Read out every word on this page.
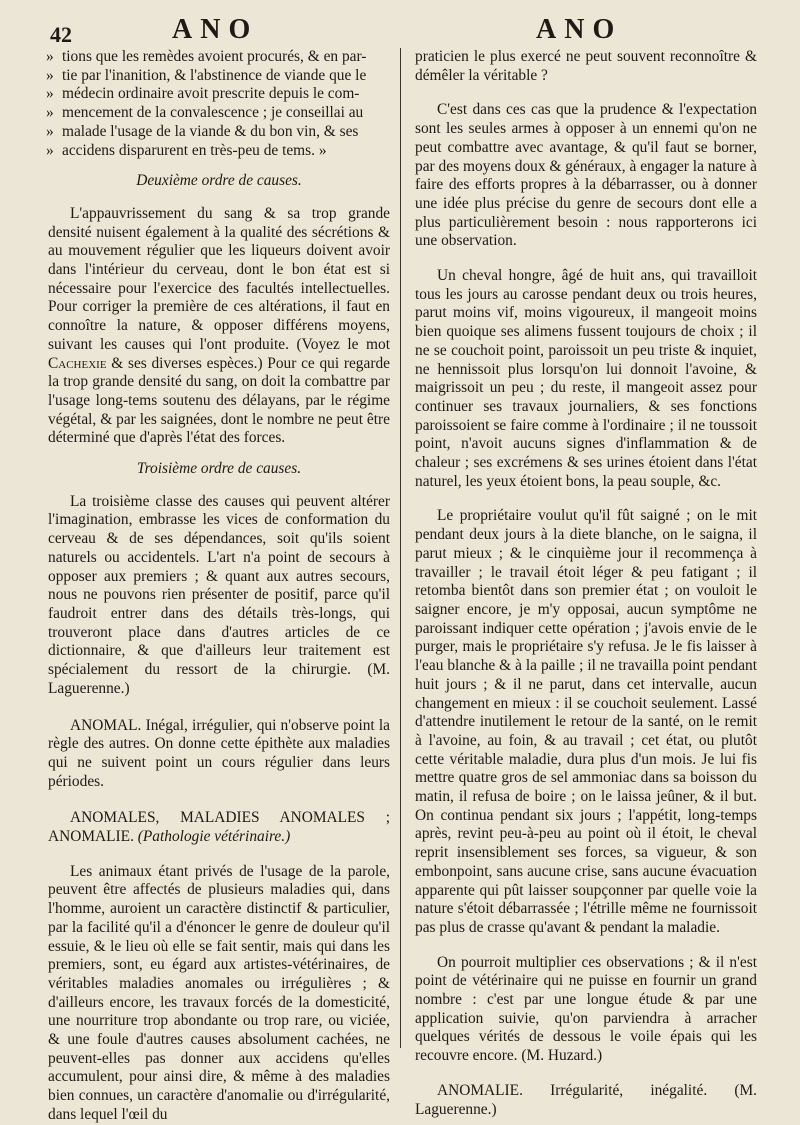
42	ANO	ANO

» tions que les remèdes avoient procurés, & en par-

» tie par l'inanition, & l'abstinence de viande que le

» médecin ordinaire avoit prescrite depuis le com-

» mencement de la convalescence ; je conseillai au

» malade l'usage de la viande & du bon vin, & ses

» accidens disparurent en très-peu de tems. »

Deuxième ordre de causes.

L'appauvrissement du sang & sa trop grande densité nuisent également à la qualité des sécrétions & au mouvement régulier que les liqueurs doivent avoir dans l'intérieur du cerveau, dont le bon état est si nécessaire pour l'exercice des facultés intellectuelles. Pour corriger la première de ces altérations, il faut en connoître la nature, & opposer différens moyens, suivant les causes qui l'ont produite. (Voyez le mot Cachexie & ses diverses espèces.) Pour ce qui regarde la trop grande densité du sang, on doit la combattre par l'usage long-tems soutenu des délayans, par le régime végétal, & par les saignées, dont le nombre ne peut être déterminé que d'après l'état des forces.

Troisième ordre de causes.

La troisième classe des causes qui peuvent altérer l'imagination, embrasse les vices de conformation du cerveau & de ses dépendances, soit qu'ils soient naturels ou accidentels. L'art n'a point de secours à opposer aux premiers ; & quant aux autres secours, nous ne pouvons rien présenter de positif, parce qu'il faudroit entrer dans des détails très-longs, qui trouveront place dans d'autres articles de ce dictionnaire, & que d'ailleurs leur traitement est spécialement du ressort de la chirurgie. (M. Laguerenne.)

ANOMAL. Inégal, irrégulier, qui n'observe point la règle des autres. On donne cette épithète aux maladies qui ne suivent point un cours régulier dans leurs périodes.

ANOMALES, MALADIES ANOMALES ; ANOMALIE. (Pathologie vétérinaire.)

Les animaux étant privés de l'usage de la parole, peuvent être affectés de plusieurs maladies qui, dans l'homme, auroient un caractère distinctif & particulier, par la facilité qu'il a d'énoncer le genre de douleur qu'il essuie, & le lieu où elle se fait sentir, mais qui dans les premiers, sont, eu égard aux artistes-vétérinaires, de véritables maladies anomales ou irrégulières ; & d'ailleurs encore, les travaux forcés de la domesticité, une nourriture trop abondante ou trop rare, ou viciée, & une foule d'autres causes absolument cachées, ne peuvent-elles pas donner aux accidens qu'elles accumulent, pour ainsi dire, & même à des maladies bien connues, un caractère d'anomalie ou d'irrégularité, dans lequel l'œil du

praticien le plus exercé ne peut souvent reconnoître & démêler la véritable ?

C'est dans ces cas que la prudence & l'expectation sont les seules armes à opposer à un ennemi qu'on ne peut combattre avec avantage, & qu'il faut se borner, par des moyens doux & généraux, à engager la nature à faire des efforts propres à la débarrasser, ou à donner une idée plus précise du genre de secours dont elle a plus particulièrement besoin : nous rapporterons ici une observation.

Un cheval hongre, âgé de huit ans, qui travailloit tous les jours au carosse pendant deux ou trois heures, parut moins vif, moins vigoureux, il mangeoit moins bien quoique ses alimens fussent toujours de choix ; il ne se couchoit point, paroissoit un peu triste & inquiet, ne hennissoit plus lorsqu'on lui donnoit l'avoine, & maigrissoit un peu ; du reste, il mangeoit assez pour continuer ses travaux journaliers, & ses fonctions paroissoient se faire comme à l'ordinaire ; il ne toussoit point, n'avoit aucuns signes d'inflammation & de chaleur ; ses excrémens & ses urines étoient dans l'état naturel, les yeux étoient bons, la peau souple, &c.

Le propriétaire voulut qu'il fût saigné ; on le mit pendant deux jours à la diete blanche, on le saigna, il parut mieux ; & le cinquième jour il recommença à travailler ; le travail étoit léger & peu fatigant ; il retomba bientôt dans son premier état ; on vouloit le saigner encore, je m'y opposai, aucun symptôme ne paroissant indiquer cette opération ; j'avois envie de le purger, mais le propriétaire s'y refusa. Je le fis laisser à l'eau blanche & à la paille ; il ne travailla point pendant huit jours ; & il ne parut, dans cet intervalle, aucun changement en mieux : il se couchoit seulement. Lassé d'attendre inutilement le retour de la santé, on le remit à l'avoine, au foin, & au travail ; cet état, ou plutôt cette véritable maladie, dura plus d'un mois. Je lui fis mettre quatre gros de sel ammoniac dans sa boisson du matin, il refusa de boire ; on le laissa jeûner, & il but. On continua pendant six jours ; l'appétit, long-temps après, revint peu-à-peu au point où il étoit, le cheval reprit insensiblement ses forces, sa vigueur, & son embonpoint, sans aucune crise, sans aucune évacuation apparente qui pût laisser soupçonner par quelle voie la nature s'étoit débarrassée ; l'étrille même ne fournissoit pas plus de crasse qu'avant & pendant la maladie.

On pourroit multiplier ces observations ; & il n'est point de vétérinaire qui ne puisse en fournir un grand nombre : c'est par une longue étude & par une application suivie, qu'on parviendra à arracher quelques vérités de dessous le voile épais qui les recouvre encore. (M. Huzard.)

ANOMALIE. Irrégularité, inégalité. (M. Laguerenne.)
